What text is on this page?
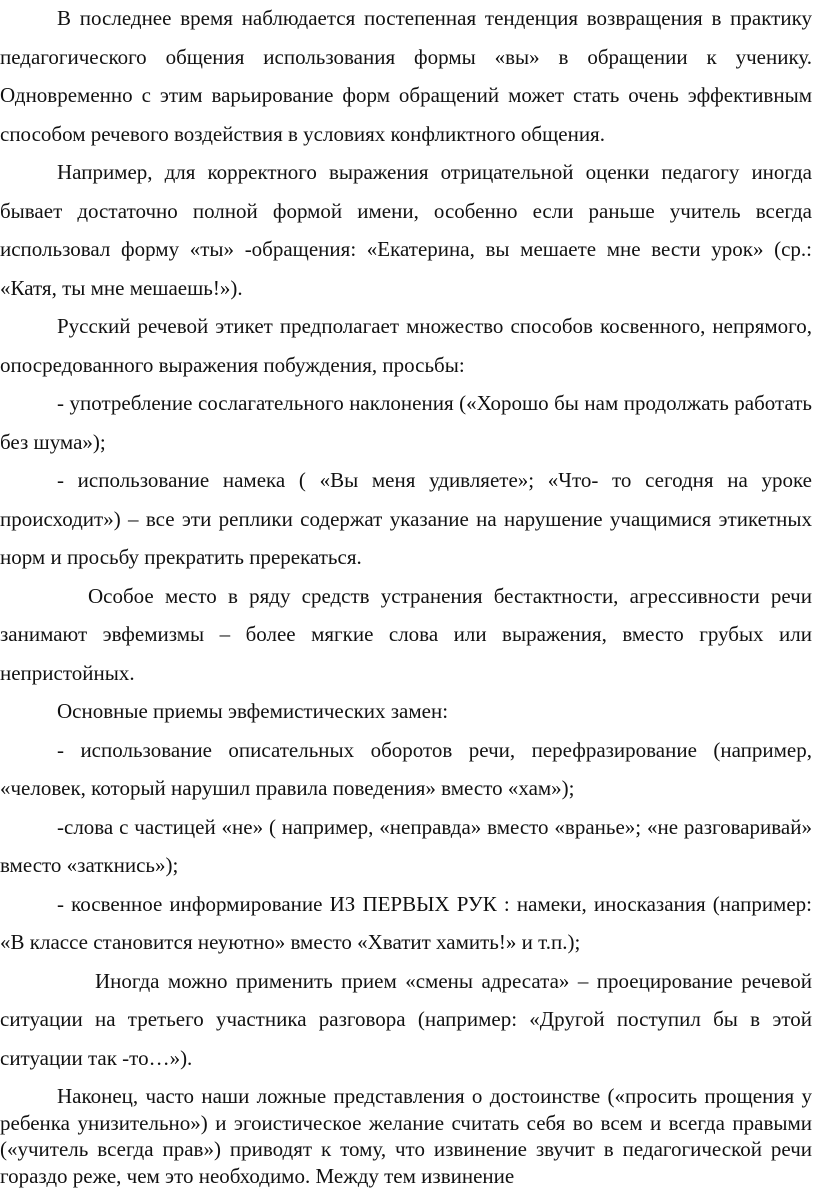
В последнее время наблюдается постепенная тенденция возвращения в практику педагогического общения использования формы «вы» в обращении к ученику. Одновременно с этим варьирование форм обращений может стать очень эффективным способом речевого воздействия в условиях конфликтного общения.

Например, для корректного выражения отрицательной оценки педагогу иногда бывает достаточно полной формой имени, особенно если раньше учитель всегда использовал форму «ты» -обращения: «Екатерина, вы мешаете мне вести урок» (ср.: «Катя, ты мне мешаешь!»).

Русский речевой этикет предполагает множество способов косвенного, непрямого, опосредованного выражения побуждения, просьбы:

- употребление сослагательного наклонения («Хорошо бы нам продолжать работать без шума»);

- использование намека ( «Вы меня удивляете»; «Что- то сегодня на уроке происходит») – все эти реплики содержат указание на нарушение учащимися этикетных норм и просьбу прекратить пререкаться.

Особое место в ряду средств устранения бестактности, агрессивности речи занимают эвфемизмы – более мягкие слова или выражения, вместо грубых или непристойных.

Основные приемы эвфемистических замен:

- использование описательных оборотов речи, перефразирование (например, «человек, который нарушил правила поведения» вместо «хам»);

-слова с частицей «не» ( например, «неправда» вместо «вранье»; «не разговаривай» вместо «заткнись»);

- косвенное информирование ИЗ ПЕРВЫХ РУК : намеки, иносказания (например: «В классе становится неуютно» вместо «Хватит хамить!» и т.п.);

Иногда можно применить прием «смены адресата» – проецирование речевой ситуации на третьего участника разговора (например: «Другой поступил бы в этой ситуации так -то…»).

Наконец, часто наши ложные представления о достоинстве («просить прощения у ребенка унизительно») и эгоистическое желание считать себя во всем и всегда правыми («учитель всегда прав») приводят к тому, что извинение звучит в педагогической речи гораздо реже, чем это необходимо. Между тем извинение
